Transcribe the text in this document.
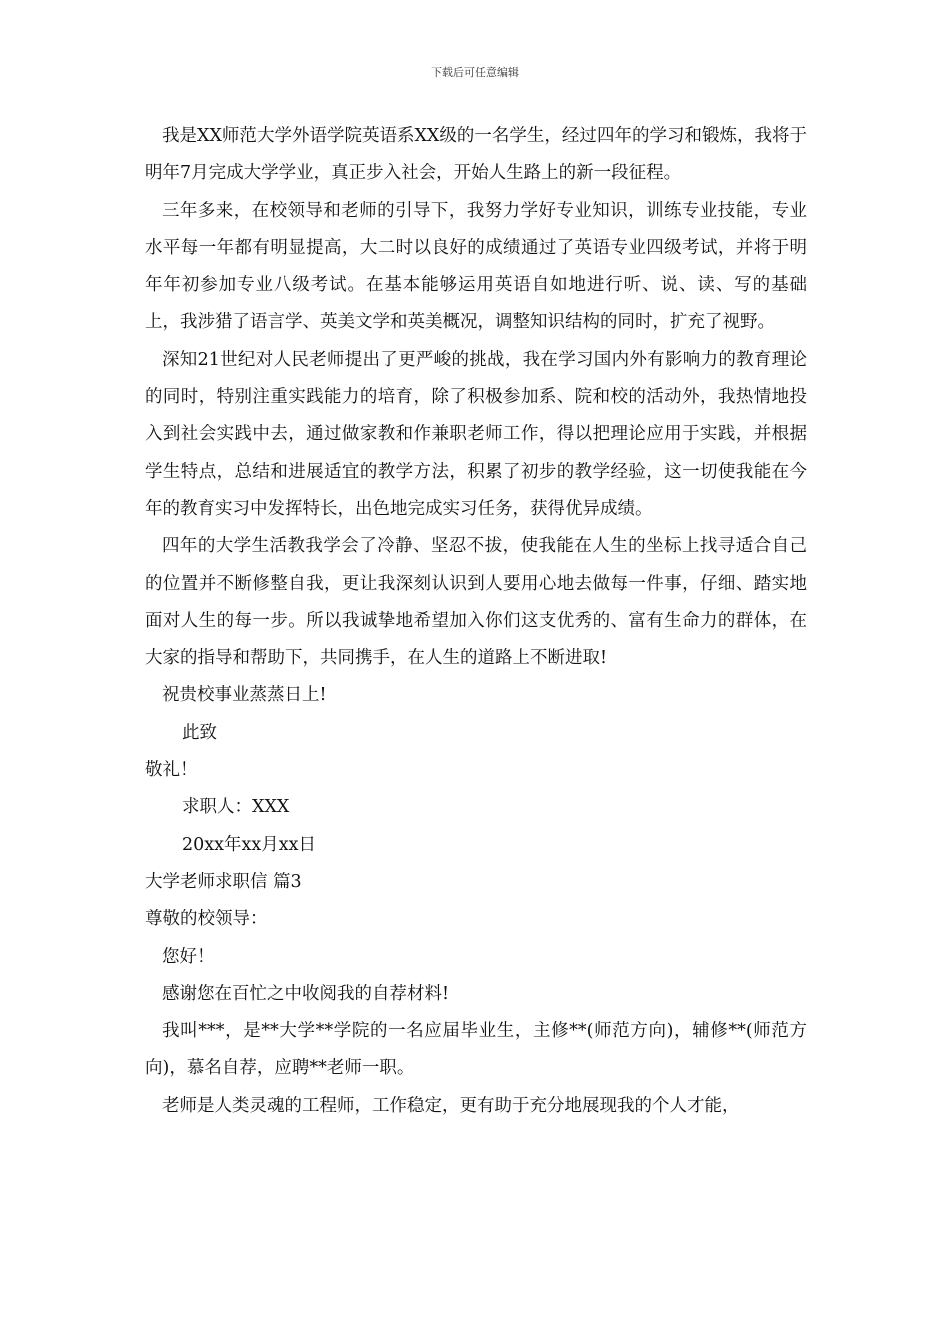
下载后可任意编辑

我是XX师范大学外语学院英语系XX级的一名学生，经过四年的学习和锻炼，我将于明年7月完成大学学业，真正步入社会，开始人生路上的新一段征程。

三年多来，在校领导和老师的引导下，我努力学好专业知识，训练专业技能，专业水平每一年都有明显提高，大二时以良好的成绩通过了英语专业四级考试，并将于明年年初参加专业八级考试。在基本能够运用英语自如地进行听、说、读、写的基础上，我涉猎了语言学、英美文学和英美概况，调整知识结构的同时，扩充了视野。

深知21世纪对人民老师提出了更严峻的挑战，我在学习国内外有影响力的教育理论的同时，特别注重实践能力的培育，除了积极参加系、院和校的活动外，我热情地投入到社会实践中去，通过做家教和作兼职老师工作，得以把理论应用于实践，并根据学生特点，总结和进展适宜的教学方法，积累了初步的教学经验，这一切使我能在今年的教育实习中发挥特长，出色地完成实习任务，获得优异成绩。

四年的大学生活教我学会了冷静、坚忍不拔，使我能在人生的坐标上找寻适合自己的位置并不断修整自我，更让我深刻认识到人要用心地去做每一件事，仔细、踏实地面对人生的每一步。所以我诚挚地希望加入你们这支优秀的、富有生命力的群体，在大家的指导和帮助下，共同携手，在人生的道路上不断进取!

祝贵校事业蒸蒸日上!

此致

敬礼！

求职人：XXX

20xx年xx月xx日

大学老师求职信 篇3

尊敬的校领导：

您好！

感谢您在百忙之中收阅我的自荐材料!

我叫***，是**大学**学院的一名应届毕业生，主修**(师范方向)，辅修**(师范方向)，慕名自荐，应聘**老师一职。

老师是人类灵魂的工程师，工作稳定，更有助于充分地展现我的个人才能，
